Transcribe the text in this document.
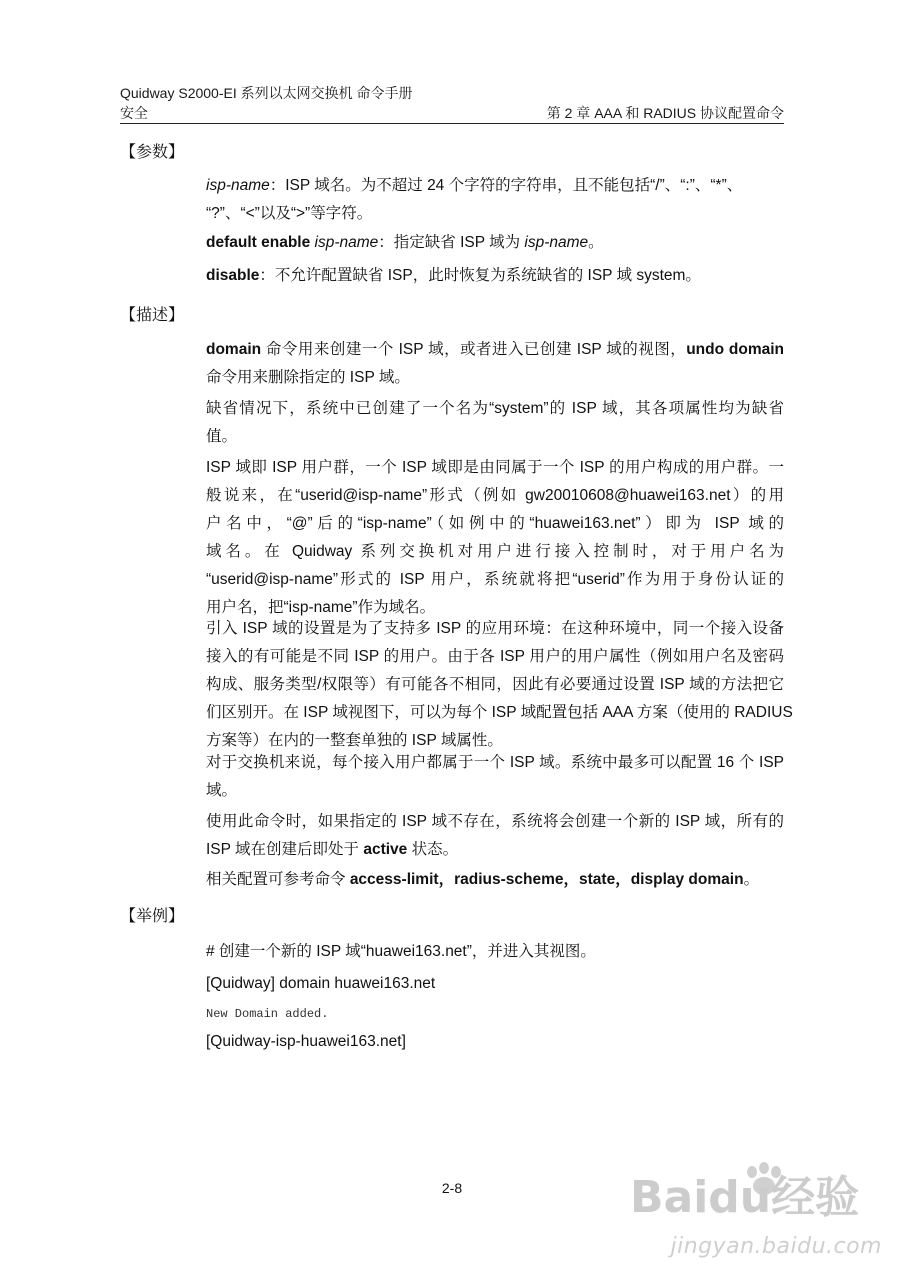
Quidway S2000-EI 系列以太网交换机 命令手册
安全	第 2 章 AAA 和 RADIUS 协议配置命令
【参数】
isp-name：ISP 域名。为不超过 24 个字符的字符串，且不能包括“/”、“:”、“*”、
“?”、“<”以及“>”等字符。
default enable isp-name：指定缺省 ISP 域为 isp-name。
disable：不允许配置缺省 ISP，此时恢复为系统缺省的 ISP 域 system。
【描述】
domain 命令用来创建一个 ISP 域，或者进入已创建 ISP 域的视图，undo domain
命令用来删除指定的 ISP 域。
缺省情况下，系统中已创建了一个名为“system”的 ISP 域，其各项属性均为缺省
值。
ISP 域即 ISP 用户群，一个 ISP 域即是由同属于一个 ISP 的用户构成的用户群。一
般说来，在“userid@isp-name”形式（例如 gw20010608@huawei163.net）的用
户名中，“@”后的“isp-name”（如例中的“huawei163.net”）即为 ISP 域的
域名。在 Quidway 系列交换机对用户进行接入控制时，对于用户名为
“userid@isp-name”形式的 ISP 用户，系统就将把“userid”作为用于身份认证的
用户名，把“isp-name”作为域名。
引入 ISP 域的设置是为了支持多 ISP 的应用环境：在这种环境中，同一个接入设备
接入的有可能是不同 ISP 的用户。由于各 ISP 用户的用户属性（例如用户名及密码
构成、服务类型/权限等）有可能各不相同，因此有必要通过设置 ISP 域的方法把它
们区别开。在 ISP 域视图下，可以为每个 ISP 域配置包括 AAA 方案（使用的 RADIUS
方案等）在内的一整套单独的 ISP 域属性。
对于交换机来说，每个接入用户都属于一个 ISP 域。系统中最多可以配置 16 个 ISP
域。
使用此命令时，如果指定的 ISP 域不存在，系统将会创建一个新的 ISP 域，所有的
ISP 域在创建后即处于 active 状态。
相关配置可参考命令 access-limit，radius-scheme，state，display domain。
【举例】
# 创建一个新的 ISP 域“huawei163.net”，并进入其视图。
[Quidway] domain huawei163.net
New Domain added.
[Quidway-isp-huawei163.net]
2-8	Baidu经验
jingyan.baidu.com
